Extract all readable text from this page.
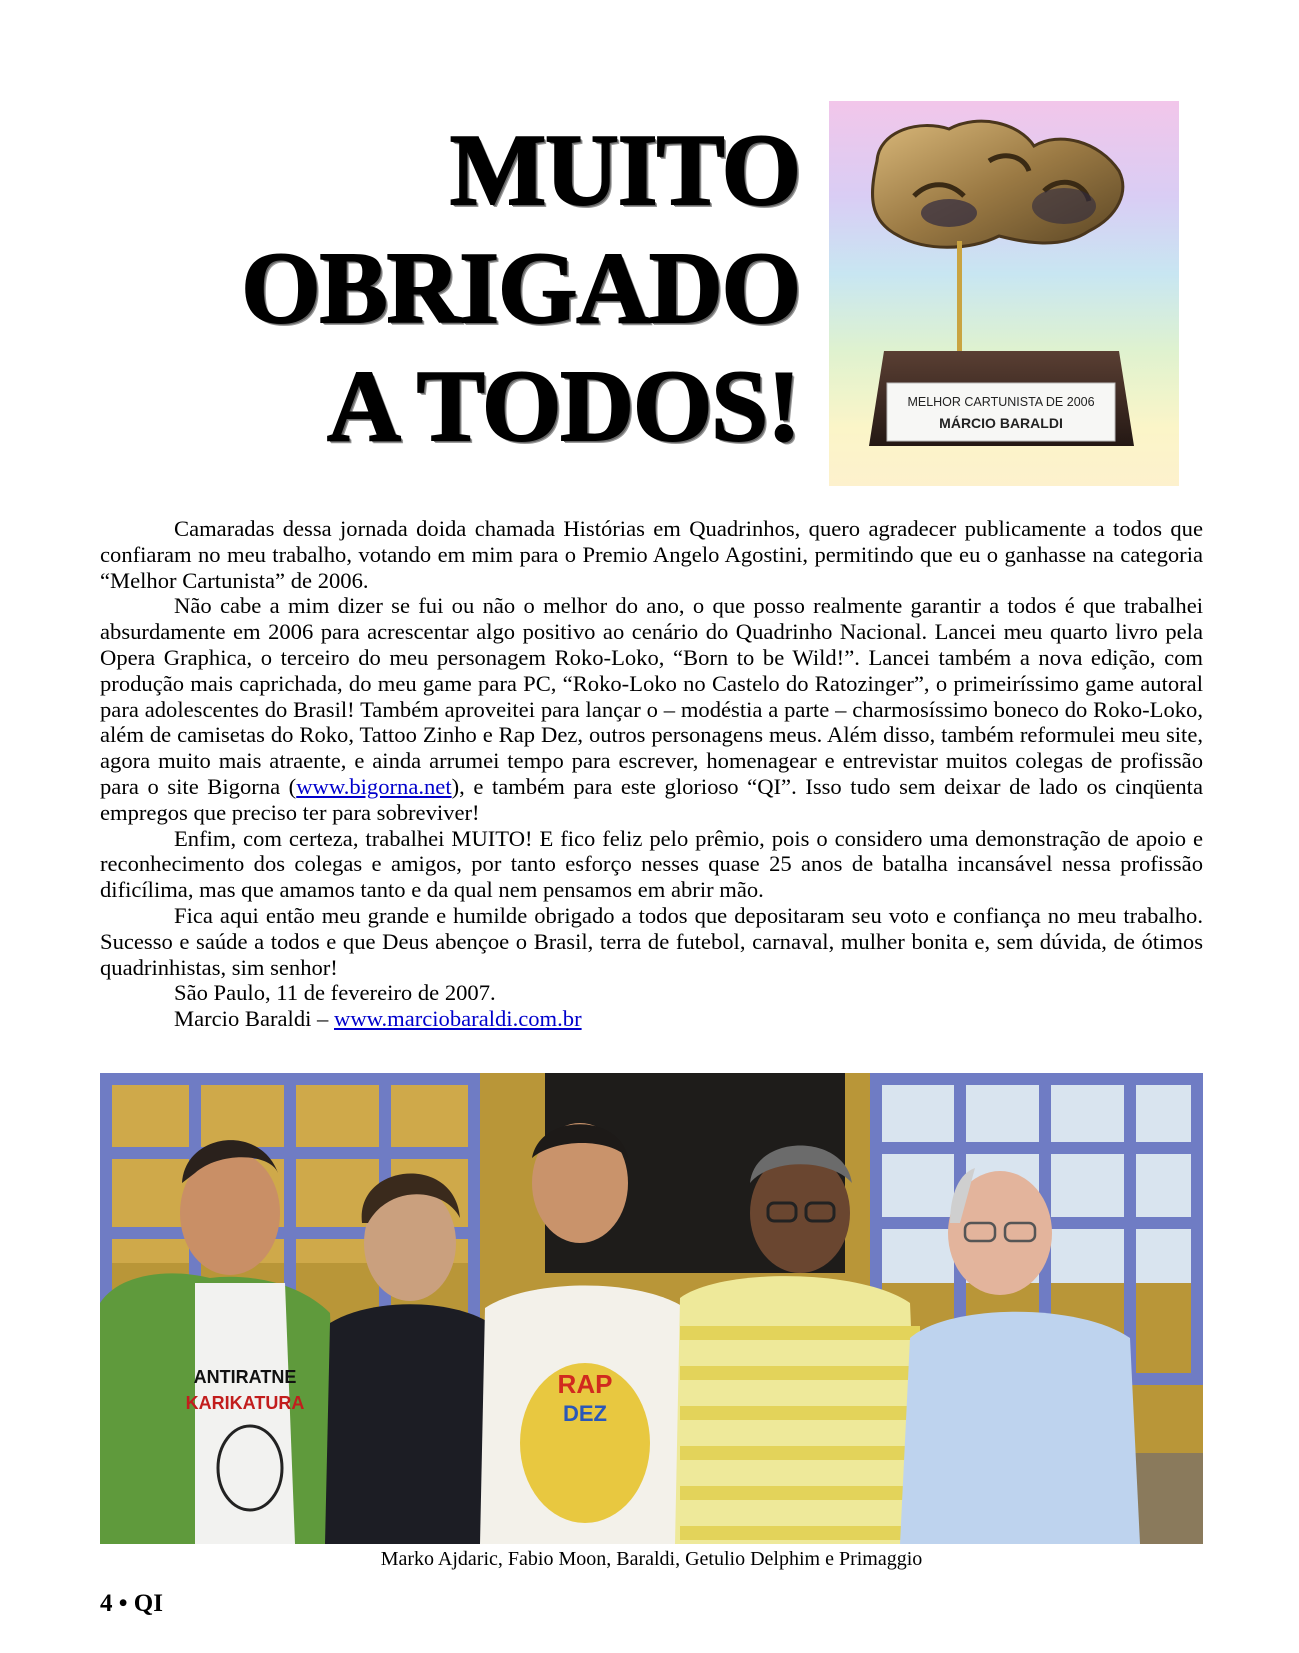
MUITO
OBRIGADO
A TODOS!	MELHOR CARTUNISTA DE 2006
MÁRCIO BARALDI

Camaradas dessa jornada doida chamada Histórias em Quadrinhos, quero agradecer publicamente a todos que confiaram no meu trabalho, votando em mim para o Premio Angelo Agostini, permitindo que eu o ganhasse na categoria “Melhor Cartunista” de 2006.

Não cabe a mim dizer se fui ou não o melhor do ano, o que posso realmente garantir a todos é que trabalhei absurdamente em 2006 para acrescentar algo positivo ao cenário do Quadrinho Nacional. Lancei meu quarto livro pela Opera Graphica, o terceiro do meu personagem Roko-Loko, “Born to be Wild!”. Lancei também a nova edição, com produção mais caprichada, do meu game para PC, “Roko-Loko no Castelo do Ratozinger”, o primeiríssimo game autoral para adolescentes do Brasil! Também aproveitei para lançar o – modéstia a parte – charmosíssimo boneco do Roko-Loko, além de camisetas do Roko, Tattoo Zinho e Rap Dez, outros personagens meus. Além disso, também reformulei meu site, agora muito mais atraente, e ainda arrumei tempo para escrever, homenagear e entrevistar muitos colegas de profissão para o site Bigorna (www.bigorna.net), e também para este glorioso “QI”. Isso tudo sem deixar de lado os cinqüenta empregos que preciso ter para sobreviver!

Enfim, com certeza, trabalhei MUITO! E fico feliz pelo prêmio, pois o considero uma demonstração de apoio e reconhecimento dos colegas e amigos, por tanto esforço nesses quase 25 anos de batalha incansável nessa profissão dificílima, mas que amamos tanto e da qual nem pensamos em abrir mão.

Fica aqui então meu grande e humilde obrigado a todos que depositaram seu voto e confiança no meu trabalho. Sucesso e saúde a todos e que Deus abençoe o Brasil, terra de futebol, carnaval, mulher bonita e, sem dúvida, de ótimos quadrinhistas, sim senhor!

São Paulo, 11 de fevereiro de 2007.

Marcio Baraldi – www.marciobaraldi.com.br

ANTIRATNE
KARIKATURA
RAP
DEZ
Marko Ajdaric, Fabio Moon, Baraldi, Getulio Delphim e Primaggio
4 • QI
